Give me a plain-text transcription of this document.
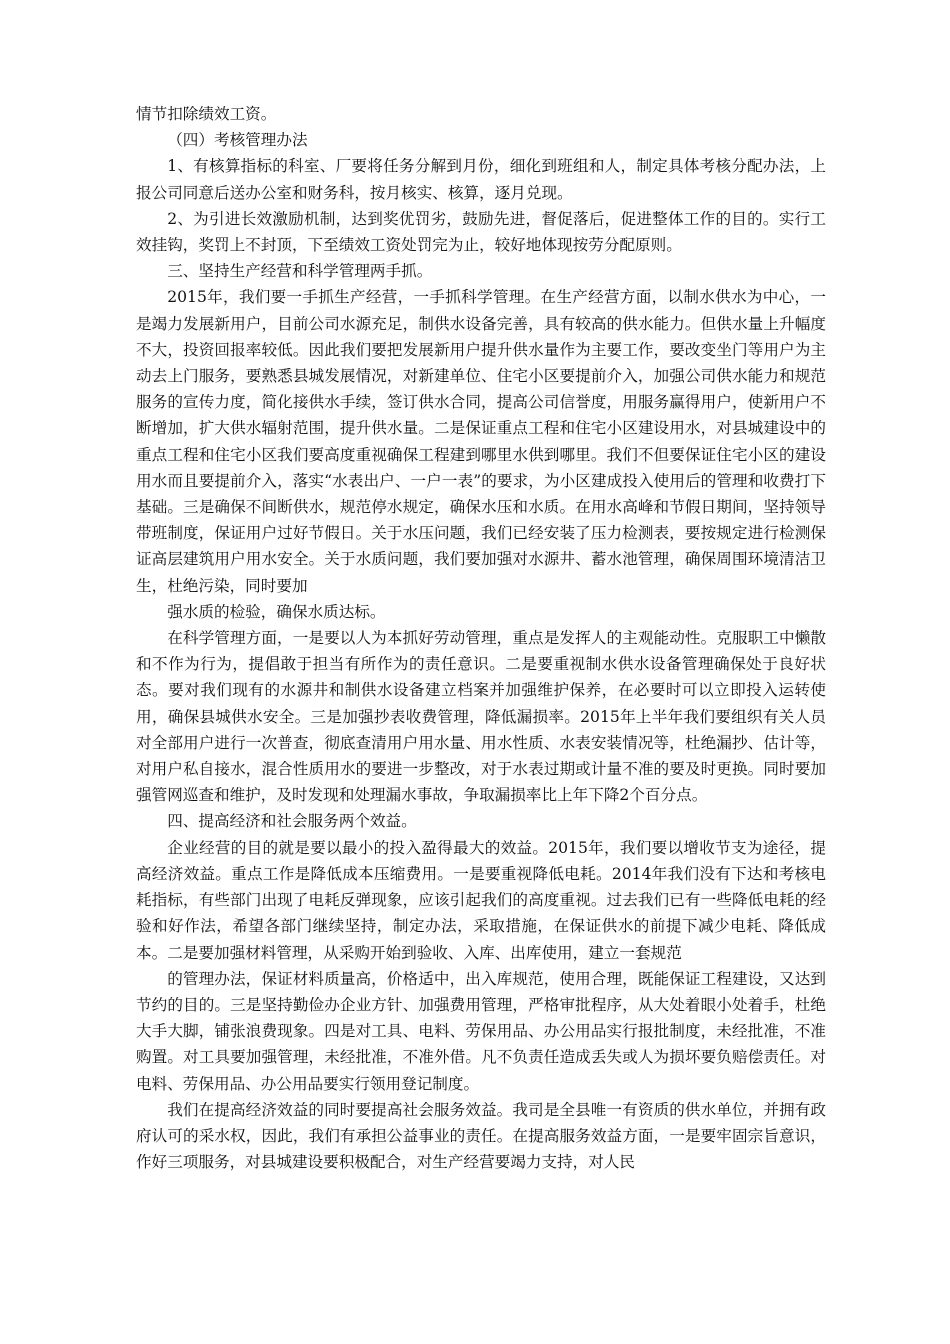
情节扣除绩效工资。

（四）考核管理办法

1、有核算指标的科室、厂要将任务分解到月份，细化到班组和人，制定具体考核分配办法，上报公司同意后送办公室和财务科，按月核实、核算，逐月兑现。

2、为引进长效激励机制，达到奖优罚劣，鼓励先进，督促落后，促进整体工作的目的。实行工效挂钩，奖罚上不封顶，下至绩效工资处罚完为止，较好地体现按劳分配原则。

三、坚持生产经营和科学管理两手抓。

2015年，我们要一手抓生产经营，一手抓科学管理。在生产经营方面，以制水供水为中心，一是竭力发展新用户，目前公司水源充足，制供水设备完善，具有较高的供水能力。但供水量上升幅度不大，投资回报率较低。因此我们要把发展新用户提升供水量作为主要工作，要改变坐门等用户为主动去上门服务，要熟悉县城发展情况，对新建单位、住宅小区要提前介入，加强公司供水能力和规范服务的宣传力度，简化接供水手续，签订供水合同，提高公司信誉度，用服务赢得用户，使新用户不断增加，扩大供水辐射范围，提升供水量。二是保证重点工程和住宅小区建设用水，对县城建设中的重点工程和住宅小区我们要高度重视确保工程建到哪里水供到哪里。我们不但要保证住宅小区的建设用水而且要提前介入，落实“水表出户、一户一表”的要求，为小区建成投入使用后的管理和收费打下基础。三是确保不间断供水，规范停水规定，确保水压和水质。在用水高峰和节假日期间，坚持领导带班制度，保证用户过好节假日。关于水压问题，我们已经安装了压力检测表，要按规定进行检测保证高层建筑用户用水安全。关于水质问题，我们要加强对水源井、蓄水池管理，确保周围环境清洁卫生，杜绝污染，同时要加

强水质的检验，确保水质达标。

在科学管理方面，一是要以人为本抓好劳动管理，重点是发挥人的主观能动性。克服职工中懒散和不作为行为，提倡敢于担当有所作为的责任意识。二是要重视制水供水设备管理确保处于良好状态。要对我们现有的水源井和制供水设备建立档案并加强维护保养，在必要时可以立即投入运转使用，确保县城供水安全。三是加强抄表收费管理，降低漏损率。2015年上半年我们要组织有关人员对全部用户进行一次普查，彻底查清用户用水量、用水性质、水表安装情况等，杜绝漏抄、估计等，对用户私自接水，混合性质用水的要进一步整改，对于水表过期或计量不准的要及时更换。同时要加强管网巡查和维护，及时发现和处理漏水事故，争取漏损率比上年下降2个百分点。

四、提高经济和社会服务两个效益。

企业经营的目的就是要以最小的投入盈得最大的效益。2015年，我们要以增收节支为途径，提高经济效益。重点工作是降低成本压缩费用。一是要重视降低电耗。2014年我们没有下达和考核电耗指标，有些部门出现了电耗反弹现象，应该引起我们的高度重视。过去我们已有一些降低电耗的经验和好作法，希望各部门继续坚持，制定办法，采取措施，在保证供水的前提下减少电耗、降低成本。二是要加强材料管理，从采购开始到验收、入库、出库使用，建立一套规范

的管理办法，保证材料质量高，价格适中，出入库规范，使用合理，既能保证工程建设，又达到节约的目的。三是坚持勤俭办企业方针、加强费用管理，严格审批程序，从大处着眼小处着手，杜绝大手大脚，铺张浪费现象。四是对工具、电料、劳保用品、办公用品实行报批制度，未经批准，不准购置。对工具要加强管理，未经批准，不准外借。凡不负责任造成丢失或人为损坏要负赔偿责任。对电料、劳保用品、办公用品要实行领用登记制度。

我们在提高经济效益的同时要提高社会服务效益。我司是全县唯一有资质的供水单位，并拥有政府认可的采水权，因此，我们有承担公益事业的责任。在提高服务效益方面，一是要牢固宗旨意识，作好三项服务，对县城建设要积极配合，对生产经营要竭力支持，对人民
